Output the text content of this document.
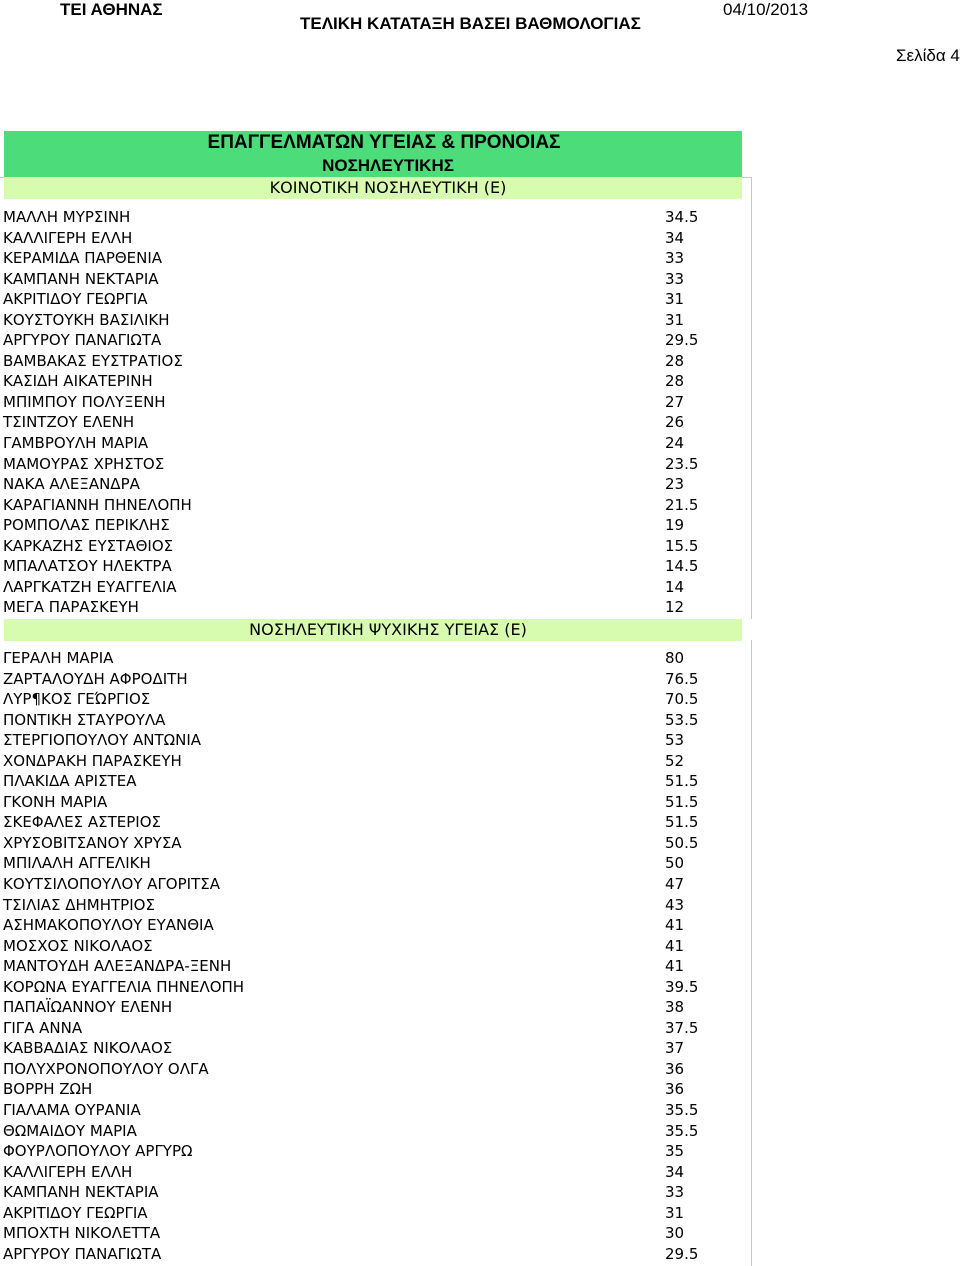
ΤΕΙ ΑΘΗΝΑΣ
ΤΕΛΙΚΗ ΚΑΤΑΤΑΞΗ ΒΑΣΕΙ ΒΑΘΜΟΛΟΓΙΑΣ
04/10/2013
Σελίδα 4
ΕΠΑΓΓΕΛΜΑΤΩΝ ΥΓΕΙΑΣ & ΠΡΟΝΟΙΑΣ
ΝΟΣΗΛΕΥΤΙΚΗΣ
ΚΟΙΝΟΤΙΚΗ ΝΟΣΗΛΕΥΤΙΚΗ (Ε)
ΜΑΛΛΗ ΜΥΡΣΙΝΗ	34.5
ΚΑΛΛΙΓΕΡΗ ΕΛΛΗ	34
ΚΕΡΑΜΙΔΑ ΠΑΡΘΕΝΙΑ	33
ΚΑΜΠΑΝΗ ΝΕΚΤΑΡΙΑ	33
ΑΚΡΙΤΙΔΟΥ ΓΕΩΡΓΙΑ	31
ΚΟΥΣΤΟΥΚΗ ΒΑΣΙΛΙΚΗ	31
ΑΡΓΥΡΟΥ ΠΑΝΑΓΙΩΤΑ	29.5
ΒΑΜΒΑΚΑΣ ΕΥΣΤΡΑΤΙΟΣ	28
ΚΑΣΙΔΗ ΑΙΚΑΤΕΡΙΝΗ	28
ΜΠΙΜΠΟΥ ΠΟΛΥΞΕΝΗ	27
ΤΣΙΝΤΖΟΥ ΕΛΕΝΗ	26
ΓΑΜΒΡΟΥΛΗ ΜΑΡΙΑ	24
ΜΑΜΟΥΡΑΣ ΧΡΗΣΤΟΣ	23.5
ΝΑΚΑ ΑΛΕΞΑΝΔΡΑ	23
ΚΑΡΑΓΙΑΝΝΗ ΠΗΝΕΛΟΠΗ	21.5
ΡΟΜΠΟΛΑΣ ΠΕΡΙΚΛΗΣ	19
ΚΑΡΚΑΖΗΣ ΕΥΣΤΑΘΙΟΣ	15.5
ΜΠΑΛΑΤΣΟΥ ΗΛΕΚΤΡΑ	14.5
ΛΑΡΓΚΑΤΖΗ ΕΥΑΓΓΕΛΙΑ	14
ΜΕΓΑ ΠΑΡΑΣΚΕΥΗ	12
ΝΟΣΗΛΕΥΤΙΚΗ ΨΥΧΙΚΗΣ ΥΓΕΙΑΣ (Ε)
ΓΕΡΑΛΗ ΜΑΡΙΑ	80
ΖΑΡΤΑΛΟΥΔΗ ΑΦΡΟΔΙΤΗ	76.5
ΛΥΡ¶ΚΟΣ ΓΕΏΡΓΙΟΣ	70.5
ΠΟΝΤΙΚΗ ΣΤΑΥΡΟΥΛΑ	53.5
ΣΤΕΡΓΙΟΠΟΥΛΟΥ ΑΝΤΩΝΙΑ	53
ΧΟΝΔΡΑΚΗ ΠΑΡΑΣΚΕΥΗ	52
ΠΛΑΚΙΔΑ ΑΡΙΣΤΕΑ	51.5
ΓΚΟΝΗ ΜΑΡΙΑ	51.5
ΣΚΕΦΑΛΕΣ ΑΣΤΕΡΙΟΣ	51.5
ΧΡΥΣΟΒΙΤΣΑΝΟΥ ΧΡΥΣΑ	50.5
ΜΠΙΛΑΛΗ ΑΓΓΕΛΙΚΗ	50
ΚΟΥΤΣΙΛΟΠΟΥΛΟΥ ΑΓΟΡΙΤΣΑ	47
ΤΣΙΛΙΑΣ ΔΗΜΗΤΡΙΟΣ	43
ΑΣΗΜΑΚΟΠΟΥΛΟΥ ΕΥΑΝΘΙΑ	41
ΜΟΣΧΟΣ ΝΙΚΟΛΑΟΣ	41
ΜΑΝΤΟΥΔΗ ΑΛΕΞΑΝΔΡΑ-ΞΕΝΗ	41
ΚΟΡΩΝΑ ΕΥΑΓΓΕΛΙΑ ΠΗΝΕΛΟΠΗ	39.5
ΠΑΠΑΪΩΑΝΝΟΥ ΕΛΕΝΗ	38
ΓΙΓΑ ΑΝΝΑ	37.5
ΚΑΒΒΑΔΙΑΣ ΝΙΚΟΛΑΟΣ	37
ΠΟΛΥΧΡΟΝΟΠΟΥΛΟΥ ΟΛΓΑ	36
ΒΟΡΡΗ ΖΩΗ	36
ΓΙΑΛΑΜΑ ΟΥΡΑΝΙΑ	35.5
ΘΩΜΑΙΔΟΥ ΜΑΡΙΑ	35.5
ΦΟΥΡΛΟΠΟΥΛΟΥ ΑΡΓΥΡΩ	35
ΚΑΛΛΙΓΕΡΗ ΕΛΛΗ	34
ΚΑΜΠΑΝΗ ΝΕΚΤΑΡΙΑ	33
ΑΚΡΙΤΙΔΟΥ ΓΕΩΡΓΙΑ	31
ΜΠΟΧΤΗ ΝΙΚΟΛΕΤΤΑ	30
ΑΡΓΥΡΟΥ ΠΑΝΑΓΙΩΤΑ	29.5
